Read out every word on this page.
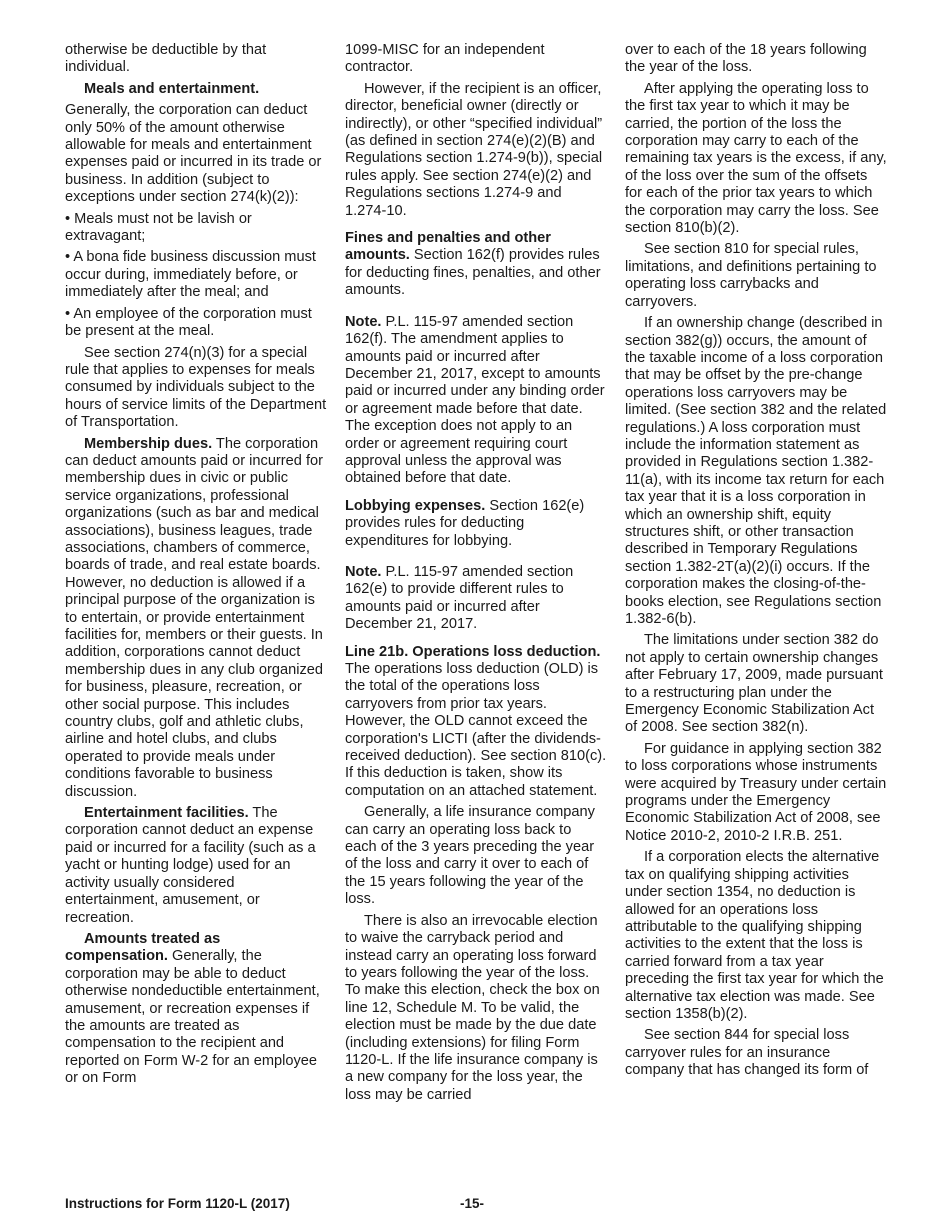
otherwise be deductible by that individual.

Meals and entertainment.

Generally, the corporation can deduct only 50% of the amount otherwise allowable for meals and entertainment expenses paid or incurred in its trade or business. In addition (subject to exceptions under section 274(k)(2)):

• Meals must not be lavish or extravagant;

• A bona fide business discussion must occur during, immediately before, or immediately after the meal; and

• An employee of the corporation must be present at the meal.

See section 274(n)(3) for a special rule that applies to expenses for meals consumed by individuals subject to the hours of service limits of the Department of Transportation.

Membership dues. The corporation can deduct amounts paid or incurred for membership dues in civic or public service organizations, professional organizations (such as bar and medical associations), business leagues, trade associations, chambers of commerce, boards of trade, and real estate boards. However, no deduction is allowed if a principal purpose of the organization is to entertain, or provide entertainment facilities for, members or their guests. In addition, corporations cannot deduct membership dues in any club organized for business, pleasure, recreation, or other social purpose. This includes country clubs, golf and athletic clubs, airline and hotel clubs, and clubs operated to provide meals under conditions favorable to business discussion.

Entertainment facilities. The corporation cannot deduct an expense paid or incurred for a facility (such as a yacht or hunting lodge) used for an activity usually considered entertainment, amusement, or recreation.

Amounts treated as compensation. Generally, the corporation may be able to deduct otherwise nondeductible entertainment, amusement, or recreation expenses if the amounts are treated as compensation to the recipient and reported on Form W-2 for an employee or on Form

1099-MISC for an independent contractor.

However, if the recipient is an officer, director, beneficial owner (directly or indirectly), or other “specified individual” (as defined in section 274(e)(2)(B) and Regulations section 1.274-9(b)), special rules apply. See section 274(e)(2) and Regulations sections 1.274-9 and 1.274-10.

Fines and penalties and other amounts. Section 162(f) provides rules for deducting fines, penalties, and other amounts.

Note. P.L. 115-97 amended section 162(f). The amendment applies to amounts paid or incurred after December 21, 2017, except to amounts paid or incurred under any binding order or agreement made before that date. The exception does not apply to an order or agreement requiring court approval unless the approval was obtained before that date.

Lobbying expenses. Section 162(e) provides rules for deducting expenditures for lobbying.

Note. P.L. 115-97 amended section 162(e) to provide different rules to amounts paid or incurred after December 21, 2017.

Line 21b. Operations loss deduction. The operations loss deduction (OLD) is the total of the operations loss carryovers from prior tax years. However, the OLD cannot exceed the corporation's LICTI (after the dividends-received deduction). See section 810(c). If this deduction is taken, show its computation on an attached statement.

Generally, a life insurance company can carry an operating loss back to each of the 3 years preceding the year of the loss and carry it over to each of the 15 years following the year of the loss.

There is also an irrevocable election to waive the carryback period and instead carry an operating loss forward to years following the year of the loss. To make this election, check the box on line 12, Schedule M. To be valid, the election must be made by the due date (including extensions) for filing Form 1120-L. If the life insurance company is a new company for the loss year, the loss may be carried

over to each of the 18 years following the year of the loss.

After applying the operating loss to the first tax year to which it may be carried, the portion of the loss the corporation may carry to each of the remaining tax years is the excess, if any, of the loss over the sum of the offsets for each of the prior tax years to which the corporation may carry the loss. See section 810(b)(2).

See section 810 for special rules, limitations, and definitions pertaining to operating loss carrybacks and carryovers.

If an ownership change (described in section 382(g)) occurs, the amount of the taxable income of a loss corporation that may be offset by the pre-change operations loss carryovers may be limited. (See section 382 and the related regulations.) A loss corporation must include the information statement as provided in Regulations section 1.382-11(a), with its income tax return for each tax year that it is a loss corporation in which an ownership shift, equity structures shift, or other transaction described in Temporary Regulations section 1.382-2T(a)(2)(i) occurs. If the corporation makes the closing-of-the-books election, see Regulations section 1.382-6(b).

The limitations under section 382 do not apply to certain ownership changes after February 17, 2009, made pursuant to a restructuring plan under the Emergency Economic Stabilization Act of 2008. See section 382(n).

For guidance in applying section 382 to loss corporations whose instruments were acquired by Treasury under certain programs under the Emergency Economic Stabilization Act of 2008, see Notice 2010-2, 2010-2 I.R.B. 251.

If a corporation elects the alternative tax on qualifying shipping activities under section 1354, no deduction is allowed for an operations loss attributable to the qualifying shipping activities to the extent that the loss is carried forward from a tax year preceding the first tax year for which the alternative tax election was made. See section 1358(b)(2).

See section 844 for special loss carryover rules for an insurance company that has changed its form of

Instructions for Form 1120-L (2017)	-15-
